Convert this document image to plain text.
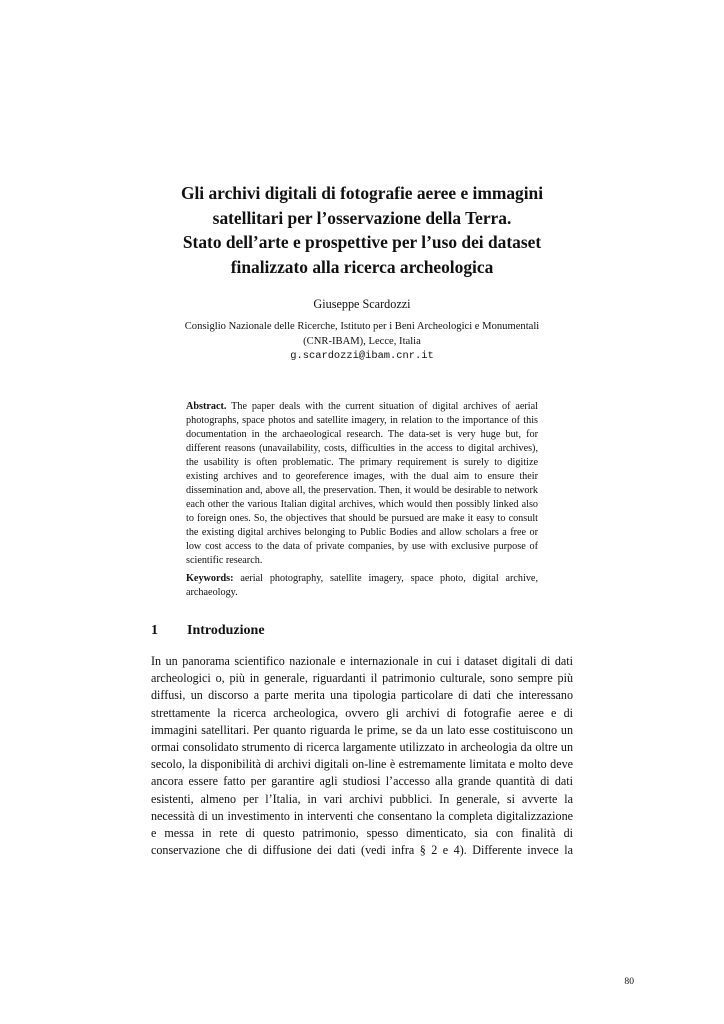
Gli archivi digitali di fotografie aeree e immagini
satellitari per l’osservazione della Terra.
Stato dell’arte e prospettive per l’uso dei dataset
finalizzato alla ricerca archeologica
Giuseppe Scardozzi
Consiglio Nazionale delle Ricerche, Istituto per i Beni Archeologici e Monumentali
(CNR-IBAM), Lecce, Italia
g.scardozzi@ibam.cnr.it
Abstract. The paper deals with the current situation of digital archives of aerial photographs, space photos and satellite imagery, in relation to the importance of this documentation in the archaeological research. The data-set is very huge but, for different reasons (unavailability, costs, difficulties in the access to digital archives), the usability is often problematic. The primary requirement is surely to digitize existing archives and to georeference images, with the dual aim to ensure their dissemination and, above all, the preservation. Then, it would be desirable to network each other the various Italian digital archives, which would then possibly linked also to foreign ones. So, the objectives that should be pursued are make it easy to consult the existing digital archives belonging to Public Bodies and allow scholars a free or low cost access to the data of private companies, by use with exclusive purpose of scientific research.
Keywords: aerial photography, satellite imagery, space photo, digital archive, archaeology.
1 Introduzione
In un panorama scientifico nazionale e internazionale in cui i dataset digitali di dati archeologici o, più in generale, riguardanti il patrimonio culturale, sono sempre più diffusi, un discorso a parte merita una tipologia particolare di dati che interessano strettamente la ricerca archeologica, ovvero gli archivi di fotografie aeree e di immagini satellitari. Per quanto riguarda le prime, se da un lato esse costituiscono un ormai consolidato strumento di ricerca largamente utilizzato in archeologia da oltre un secolo, la disponibilità di archivi digitali on-line è estremamente limitata e molto deve ancora essere fatto per garantire agli studiosi l’accesso alla grande quantità di dati esistenti, almeno per l’Italia, in vari archivi pubblici. In generale, si avverte la necessità di un investimento in interventi che consentano la completa digitalizzazione e messa in rete di questo patrimonio, spesso dimenticato, sia con finalità di conservazione che di diffusione dei dati (vedi infra § 2 e 4). Differente invece la
80
